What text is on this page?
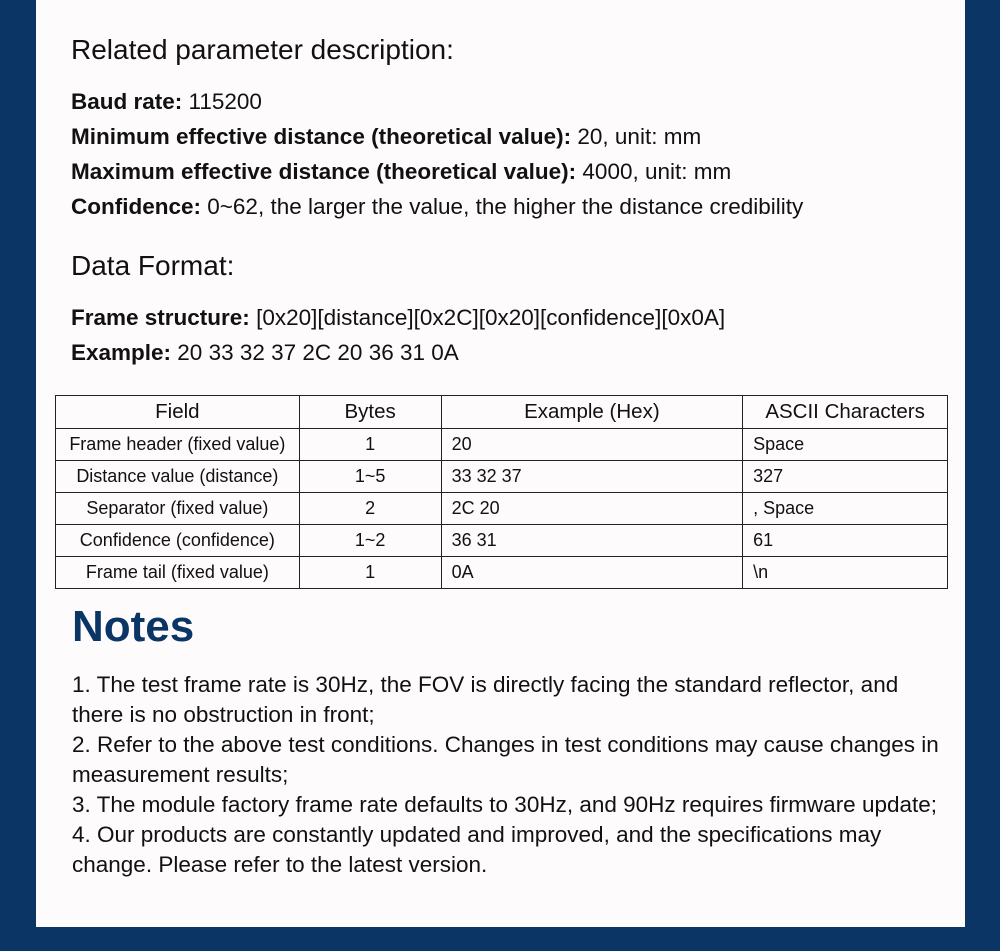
Related parameter description:
Baud rate: 115200
Minimum effective distance (theoretical value): 20, unit: mm
Maximum effective distance (theoretical value): 4000, unit: mm
Confidence: 0~62, the larger the value, the higher the distance credibility
Data Format:
Frame structure: [0x20][distance][0x2C][0x20][confidence][0x0A]
Example: 20 33 32 37 2C 20 36 31 0A
Field	Bytes	Example (Hex)	ASCII Characters
Frame header (fixed value)	1	20	Space
Distance value (distance)	1~5	33 32 37	327
Separator (fixed value)	2	2C 20	, Space
Confidence (confidence)	1~2	36 31	61
Frame tail (fixed value)	1	0A	\n
Notes
1. The test frame rate is 30Hz, the FOV is directly facing the standard reflector, and there is no obstruction in front;
2. Refer to the above test conditions. Changes in test conditions may cause changes in measurement results;
3. The module factory frame rate defaults to 30Hz, and 90Hz requires firmware update;
4. Our products are constantly updated and improved, and the specifications may change. Please refer to the latest version.
